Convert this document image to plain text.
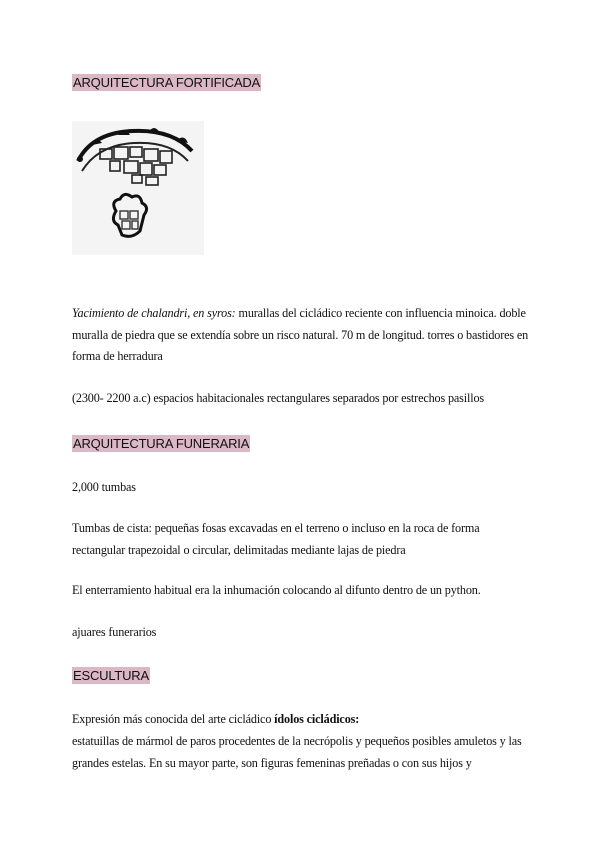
ARQUITECTURA FORTIFICADA

Yacimiento de chalandri, en syros: murallas del cicládico reciente con influencia minoica. doble muralla de piedra que se extendía sobre un risco natural. 70 m de longitud. torres o bastidores en forma de herradura

(2300- 2200 a.c) espacios habitacionales rectangulares separados por estrechos pasillos

ARQUITECTURA FUNERARIA

2,000 tumbas

Tumbas de cista: pequeñas fosas excavadas en el terreno o incluso en la roca de forma rectangular trapezoidal o circular, delimitadas mediante lajas de piedra

El enterramiento habitual era la inhumación colocando al difunto dentro de un python.

ajuares funerarios

ESCULTURA

Expresión más conocida del arte cicládico ídolos cicládicos:

estatuillas de mármol de paros procedentes de la necrópolis y pequeños posibles amuletos y las grandes estelas. En su mayor parte, son figuras femeninas preñadas o con sus hijos y
